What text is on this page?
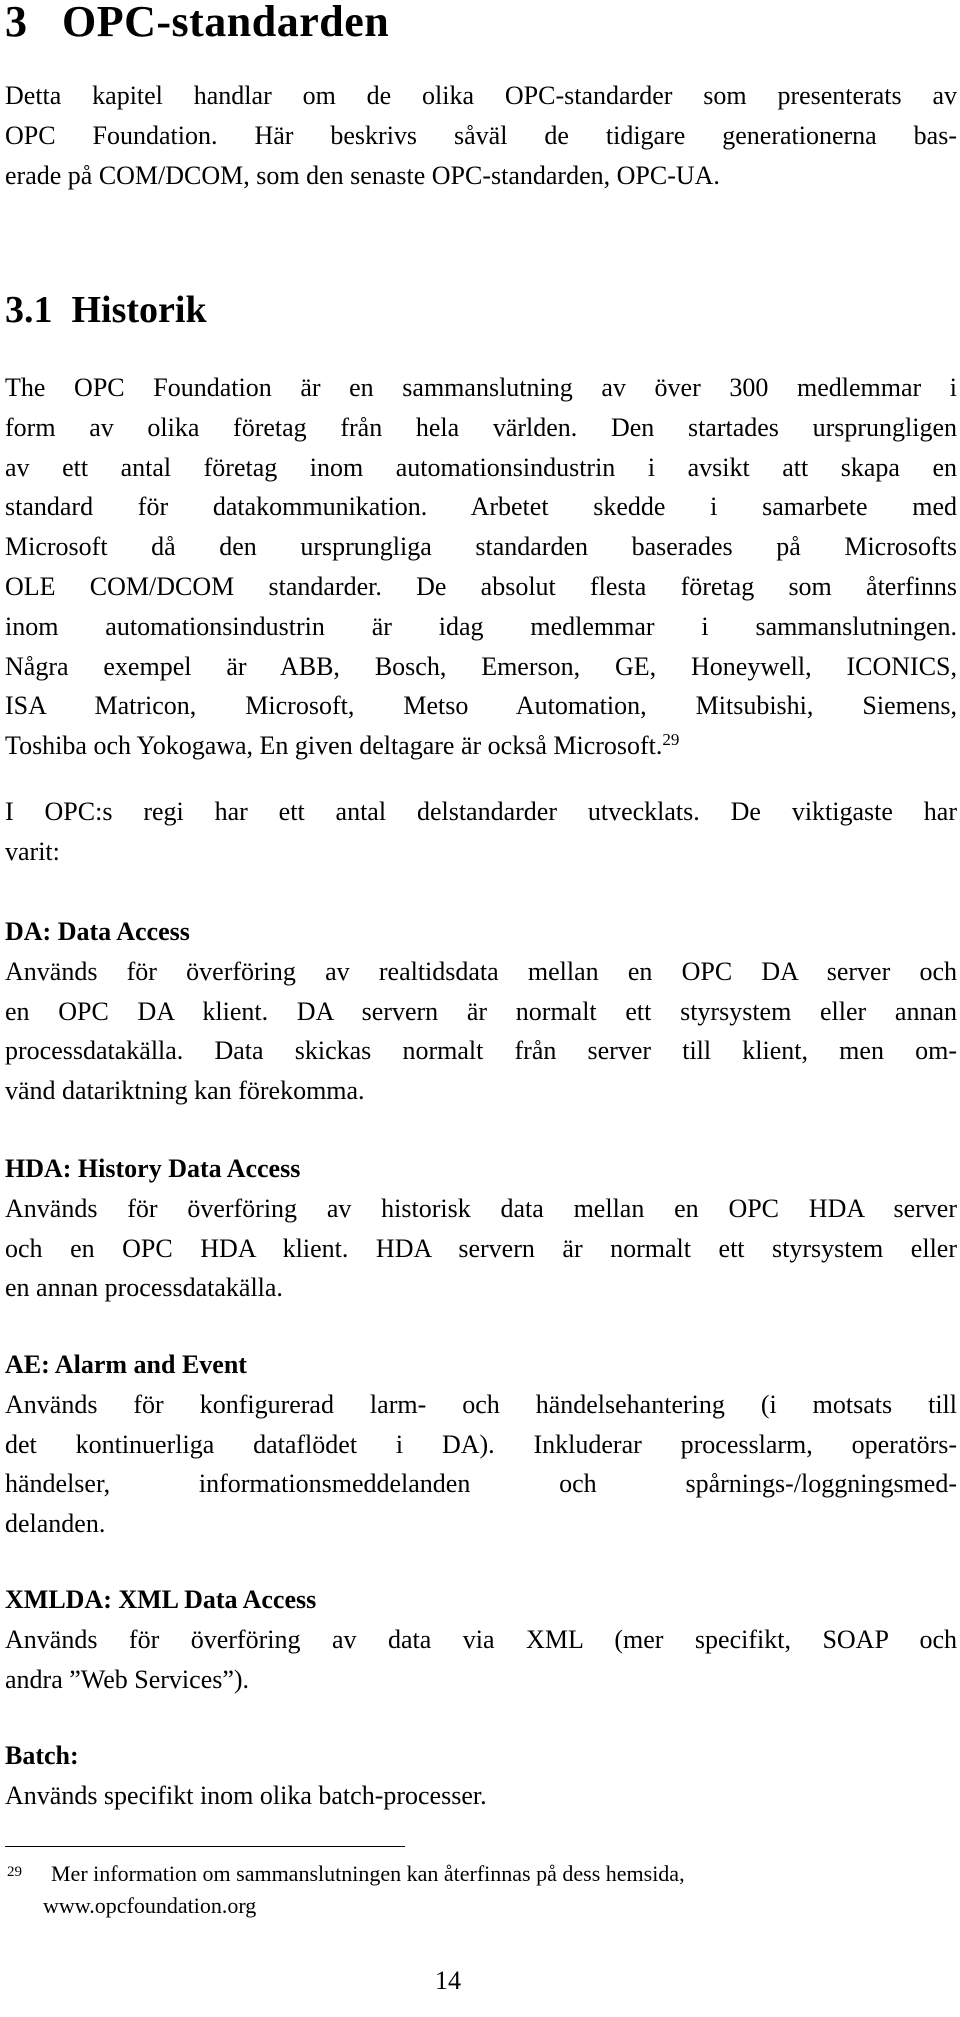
3 OPC-standarden
Detta kapitel handlar om de olika OPC-standarder som presenterats av
OPC Foundation. Här beskrivs såväl de tidigare generationerna bas-
erade på COM/DCOM, som den senaste OPC-standarden, OPC-UA.
3.1 Historik
The OPC Foundation är en sammanslutning av över 300 medlemmar i
form av olika företag från hela världen. Den startades ursprungligen
av ett antal företag inom automationsindustrin i avsikt att skapa en
standard för datakommunikation. Arbetet skedde i samarbete med
Microsoft då den ursprungliga standarden baserades på Microsofts
OLE COM/DCOM standarder. De absolut flesta företag som återfinns
inom automationsindustrin är idag medlemmar i sammanslutningen.
Några exempel är ABB, Bosch, Emerson, GE, Honeywell, ICONICS,
ISA Matricon, Microsoft, Metso Automation, Mitsubishi, Siemens,
Toshiba och Yokogawa, En given deltagare är också Microsoft.$^{29}$
I OPC:s regi har ett antal delstandarder utvecklats. De viktigaste har
varit:
DA: Data Access
Används för överföring av realtidsdata mellan en OPC DA server och
en OPC DA klient. DA servern är normalt ett styrsystem eller annan
processdatakälla. Data skickas normalt från server till klient, men om-
vänd datariktning kan förekomma.
HDA: History Data Access
Används för överföring av historisk data mellan en OPC HDA server
och en OPC HDA klient. HDA servern är normalt ett styrsystem eller
en annan processdatakälla.
AE: Alarm and Event
Används för konfigurerad larm- och händelsehantering (i motsats till
det kontinuerliga dataflödet i DA). Inkluderar processlarm, operatörs-
händelser, informationsmeddelanden och spårnings-/loggningsmed-
delanden.
XMLDA: XML Data Access
Används för överföring av data via XML (mer specifikt, SOAP och
andra ”Web Services”).
Batch:
Används specifikt inom olika batch-processer.
29	Mer information om sammanslutningen kan återfinnas på dess hemsida,
www.opcfoundation.org

14
